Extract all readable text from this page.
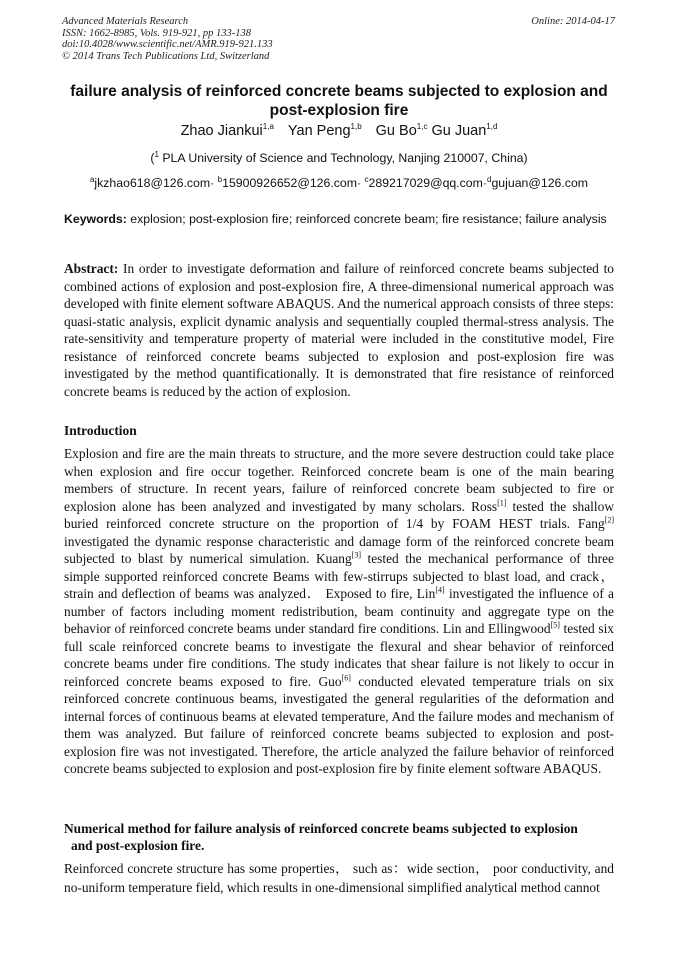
Advanced Materials Research
ISSN: 1662-8985, Vols. 919-921, pp 133-138
doi:10.4028/www.scientific.net/AMR.919-921.133
© 2014 Trans Tech Publications Ltd, Switzerland
Online: 2014-04-17
failure analysis of reinforced concrete beams subjected to explosion and post-explosion fire
Zhao Jiankui$^{1,a}$ Yan Peng$^{1,b}$ Gu Bo$^{1,c}$ Gu Juan$^{1,d}$
($^1$ PLA University of Science and Technology, Nanjing 210007, China)
$^a$jkzhao618@126.com· $^b$15900926652@126.com· $^c$289217029@qq.com·$^d$gujuan@126.com
Keywords: explosion; post-explosion fire; reinforced concrete beam; fire resistance; failure analysis
Abstract: In order to investigate deformation and failure of reinforced concrete beams subjected to combined actions of explosion and post-explosion fire, A three-dimensional numerical approach was developed with finite element software ABAQUS. And the numerical approach consists of three steps: quasi-static analysis, explicit dynamic analysis and sequentially coupled thermal-stress analysis. The rate-sensitivity and temperature property of material were included in the constitutive model, Fire resistance of reinforced concrete beams subjected to explosion and post-explosion fire was investigated by the method quantificationally. It is demonstrated that fire resistance of reinforced concrete beams is reduced by the action of explosion.
Introduction
Explosion and fire are the main threats to structure, and the more severe destruction could take place when explosion and fire occur together. Reinforced concrete beam is one of the main bearing members of structure. In recent years, failure of reinforced concrete beam subjected to fire or explosion alone has been analyzed and investigated by many scholars. Ross[1] tested the shallow buried reinforced concrete structure on the proportion of 1/4 by FOAM HEST trials. Fang[2] investigated the dynamic response characteristic and damage form of the reinforced concrete beam subjected to blast by numerical simulation. Kuang[3] tested the mechanical performance of three simple supported reinforced concrete Beams with few-stirrups subjected to blast load, and crack， strain and deflection of beams was analyzed． Exposed to fire, Lin[4] investigated the influence of a number of factors including moment redistribution, beam continuity and aggregate type on the behavior of reinforced concrete beams under standard fire conditions. Lin and Ellingwood[5] tested six full scale reinforced concrete beams to investigate the flexural and shear behavior of reinforced concrete beams under fire conditions. The study indicates that shear failure is not likely to occur in reinforced concrete beams exposed to fire. Guo[6] conducted elevated temperature trials on six reinforced concrete continuous beams, investigated the general regularities of the deformation and internal forces of continuous beams at elevated temperature, And the failure modes and mechanism of them was analyzed. But failure of reinforced concrete beams subjected to explosion and post-explosion fire was not investigated. Therefore, the article analyzed the failure behavior of reinforced concrete beams subjected to explosion and post-explosion fire by finite element software ABAQUS.
Numerical method for failure analysis of reinforced concrete beams subjected to explosion
and post-explosion fire.
Reinforced concrete structure has some properties， such as：wide section， poor conductivity, and no-uniform temperature field, which results in one-dimensional simplified analytical method cannot
